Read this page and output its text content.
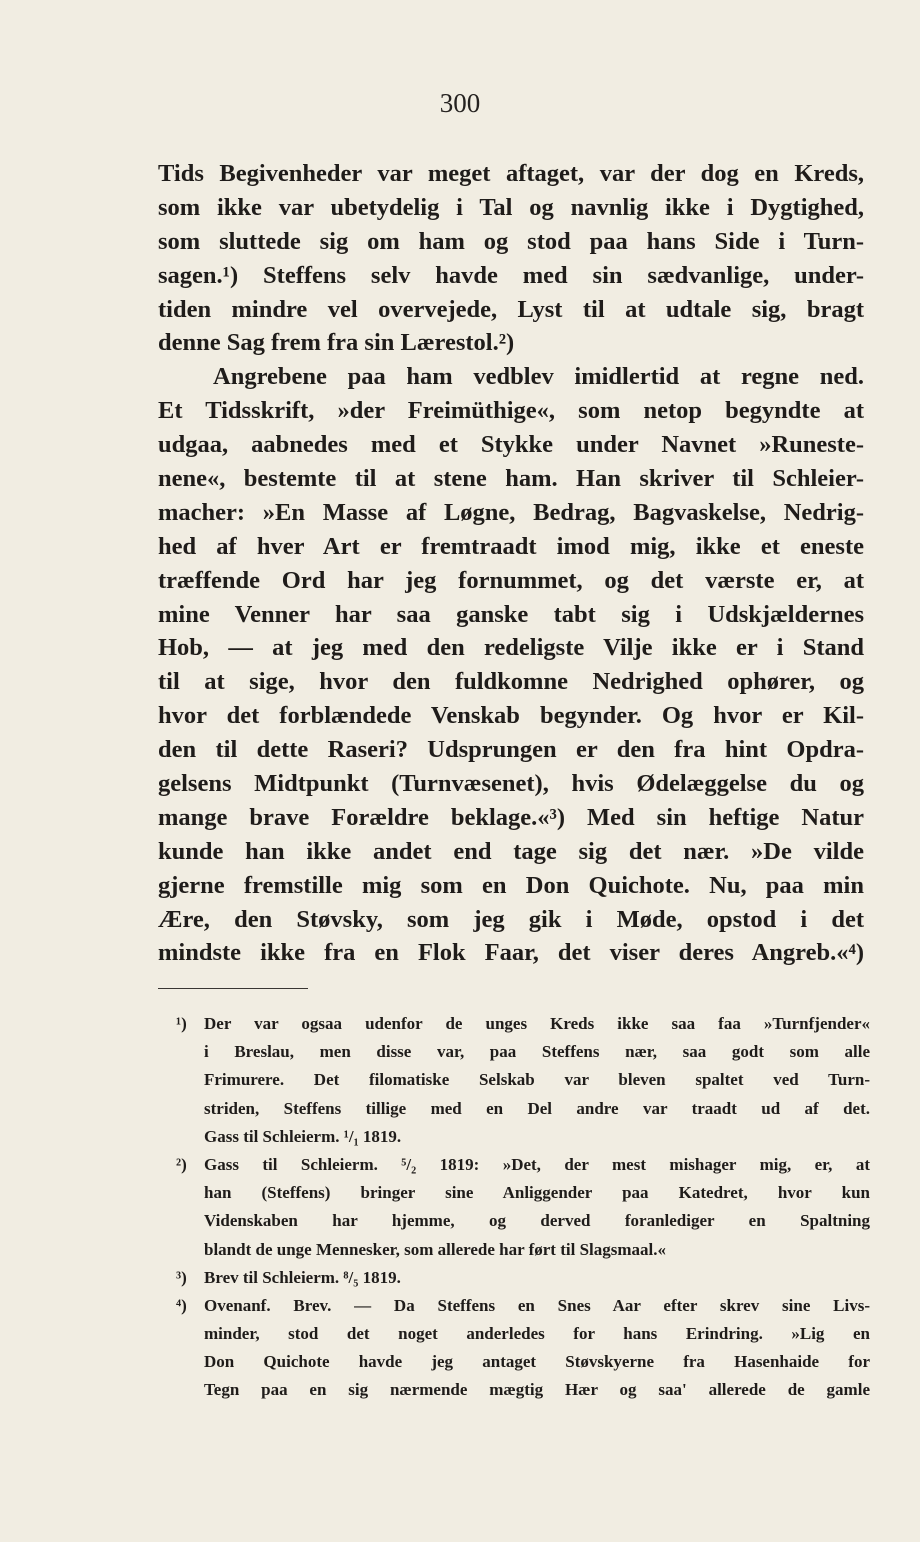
300
Tids Begivenheder var meget aftaget, var der dog en Kreds,
som ikke var ubetydelig i Tal og navnlig ikke i Dygtighed,
som sluttede sig om ham og stod paa hans Side i Turn-
sagen.¹) Steffens selv havde med sin sædvanlige, under-
tiden mindre vel overvejede, Lyst til at udtale sig, bragt
denne Sag frem fra sin Lærestol.²)
Angrebene paa ham vedblev imidlertid at regne ned.
Et Tidsskrift, »der Freimüthige«, som netop begyndte at
udgaa, aabnedes med et Stykke under Navnet »Runeste-
nene«, bestemte til at stene ham. Han skriver til Schleier-
macher: »En Masse af Løgne, Bedrag, Bagvaskelse, Nedrig-
hed af hver Art er fremtraadt imod mig, ikke et eneste
træffende Ord har jeg fornummet, og det værste er, at
mine Venner har saa ganske tabt sig i Udskjældernes
Hob, — at jeg med den redeligste Vilje ikke er i Stand
til at sige, hvor den fuldkomne Nedrighed ophører, og
hvor det forblændede Venskab begynder. Og hvor er Kil-
den til dette Raseri? Udsprungen er den fra hint Opdra-
gelsens Midtpunkt (Turnvæsenet), hvis Ødelæggelse du og
mange brave Forældre beklage.«³) Med sin heftige Natur
kunde han ikke andet end tage sig det nær. »De vilde
gjerne fremstille mig som en Don Quichote. Nu, paa min
Ære, den Støvsky, som jeg gik i Møde, opstod i det
mindste ikke fra en Flok Faar, det viser deres Angreb.«⁴)
¹) Der var ogsaa udenfor de unges Kreds ikke saa faa »Turnfjender«
i Breslau, men disse var, paa Steffens nær, saa godt som alle
Frimurere. Det filomatiske Selskab var bleven spaltet ved Turn-
striden, Steffens tillige med en Del andre var traadt ud af det.
Gass til Schleierm. ¹/₁ 1819.
²) Gass til Schleierm. ⁵/₂ 1819: »Det, der mest mishager mig, er, at
han (Steffens) bringer sine Anliggender paa Katedret, hvor kun
Videnskaben har hjemme, og derved foranlediger en Spaltning
blandt de unge Mennesker, som allerede har ført til Slagsmaal.«
³) Brev til Schleierm. ⁸/₅ 1819.
⁴) Ovenanf. Brev. — Da Steffens en Snes Aar efter skrev sine Livs-
minder, stod det noget anderledes for hans Erindring. »Lig en
Don Quichote havde jeg antaget Støvskyerne fra Hasenhaide for
Tegn paa en sig nærmende mægtig Hær og saa' allerede de gamle
